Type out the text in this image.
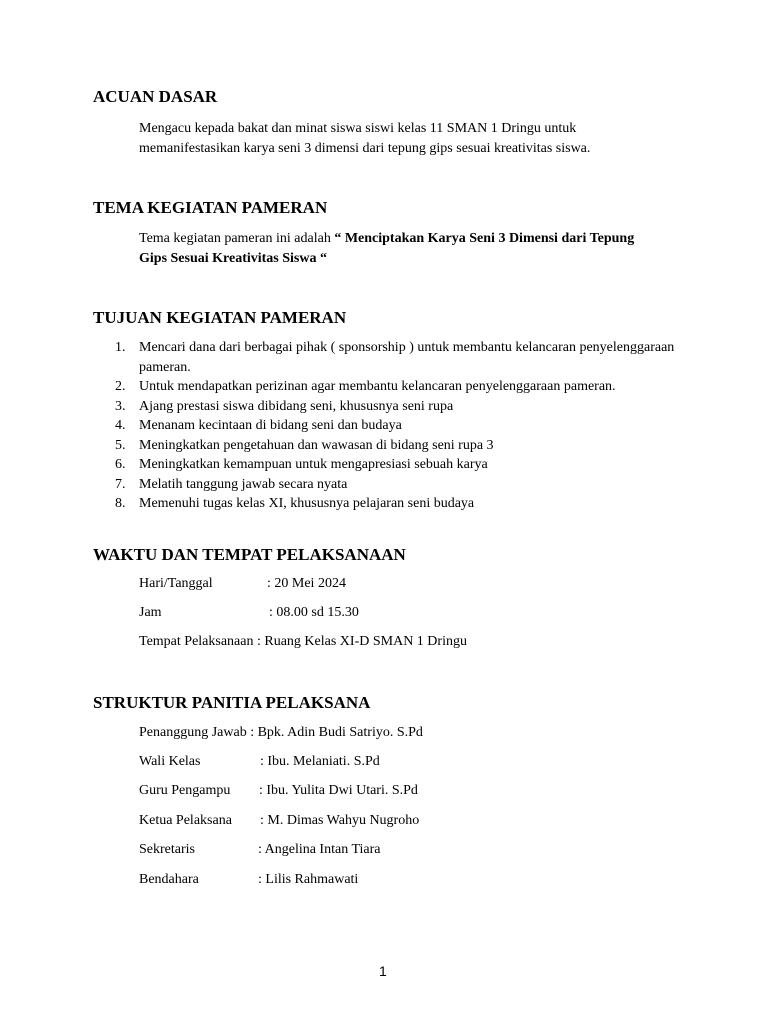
ACUAN DASAR

Mengacu kepada bakat dan minat siswa siswi kelas 11 SMAN 1 Dringu untuk memanifestasikan karya seni 3 dimensi dari tepung gips sesuai kreativitas siswa.

TEMA KEGIATAN PAMERAN

Tema kegiatan pameran ini adalah “ Menciptakan Karya Seni 3 Dimensi dari Tepung Gips Sesuai Kreativitas Siswa “

TUJUAN KEGIATAN PAMERAN
1. Mencari dana dari berbagai pihak ( sponsorship ) untuk membantu kelancaran penyelenggaraan pameran.
2. Untuk mendapatkan perizinan agar membantu kelancaran penyelenggaraan pameran.
3. Ajang prestasi siswa dibidang seni, khususnya seni rupa
4. Menanam kecintaan di bidang seni dan budaya
5. Meningkatkan pengetahuan dan wawasan di bidang seni rupa 3
6. Meningkatkan kemampuan untuk mengapresiasi sebuah karya
7. Melatih tanggung jawab secara nyata
8. Memenuhi tugas kelas XI, khususnya pelajaran seni budaya
WAKTU DAN TEMPAT PELAKSANAAN
Hari/Tanggal	: 20 Mei 2024
Jam	: 08.00 sd 15.30
Tempat Pelaksanaan : Ruang Kelas XI-D SMAN 1 Dringu
STRUKTUR PANITIA PELAKSANA
Penanggung Jawab : Bpk. Adin Budi Satriyo. S.Pd
Wali Kelas	: Ibu. Melaniati. S.Pd
Guru Pengampu : Ibu. Yulita Dwi Utari. S.Pd
Ketua Pelaksana : M. Dimas Wahyu Nugroho
Sekretaris	: Angelina Intan Tiara
Bendahara	: Lilis Rahmawati
1
